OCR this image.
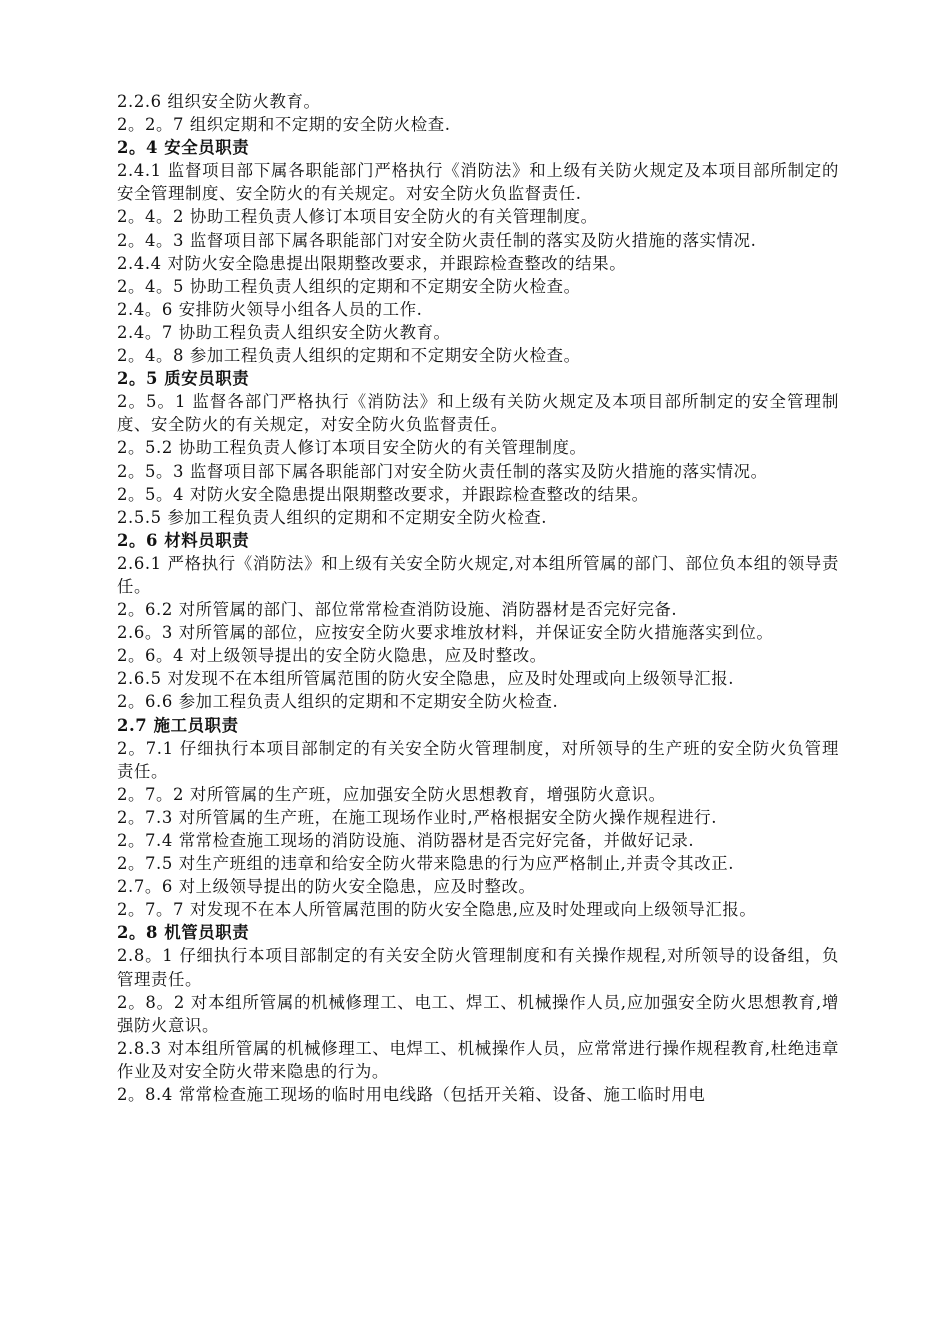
2.2.6 组织安全防火教育。

2。2。7 组织定期和不定期的安全防火检查.

2。4 安全员职责

2.4.1 监督项目部下属各职能部门严格执行《消防法》和上级有关防火规定及本项目部所制定的安全管理制度、安全防火的有关规定。对安全防火负监督责任.

2。4。2 协助工程负责人修订本项目安全防火的有关管理制度。

2。4。3 监督项目部下属各职能部门对安全防火责任制的落实及防火措施的落实情况.

2.4.4 对防火安全隐患提出限期整改要求，并跟踪检查整改的结果。

2。4。5 协助工程负责人组织的定期和不定期安全防火检查。

2.4。6 安排防火领导小组各人员的工作.

2.4。7 协助工程负责人组织安全防火教育。

2。4。8 参加工程负责人组织的定期和不定期安全防火检查。

2。5 质安员职责

2。5。1 监督各部门严格执行《消防法》和上级有关防火规定及本项目部所制定的安全管理制度、安全防火的有关规定，对安全防火负监督责任。

2。5.2 协助工程负责人修订本项目安全防火的有关管理制度。

2。5。3 监督项目部下属各职能部门对安全防火责任制的落实及防火措施的落实情况。

2。5。4 对防火安全隐患提出限期整改要求，并跟踪检查整改的结果。

2.5.5 参加工程负责人组织的定期和不定期安全防火检查.

2。6 材料员职责

2.6.1 严格执行《消防法》和上级有关安全防火规定,对本组所管属的部门、部位负本组的领导责任。

2。6.2 对所管属的部门、部位常常检查消防设施、消防器材是否完好完备.

2.6。3 对所管属的部位，应按安全防火要求堆放材料，并保证安全防火措施落实到位。

2。6。4 对上级领导提出的安全防火隐患，应及时整改。

2.6.5 对发现不在本组所管属范围的防火安全隐患，应及时处理或向上级领导汇报.

2。6.6 参加工程负责人组织的定期和不定期安全防火检查.

2.7 施工员职责

2。7.1 仔细执行本项目部制定的有关安全防火管理制度，对所领导的生产班的安全防火负管理责任。

2。7。2 对所管属的生产班，应加强安全防火思想教育，增强防火意识。

2。7.3 对所管属的生产班，在施工现场作业时,严格根据安全防火操作规程进行.

2。7.4 常常检查施工现场的消防设施、消防器材是否完好完备，并做好记录.

2。7.5 对生产班组的违章和给安全防火带来隐患的行为应严格制止,并责令其改正.

2.7。6 对上级领导提出的防火安全隐患，应及时整改。

2。7。7 对发现不在本人所管属范围的防火安全隐患,应及时处理或向上级领导汇报。

2。8 机管员职责

2.8。1 仔细执行本项目部制定的有关安全防火管理制度和有关操作规程,对所领导的设备组，负管理责任。

2。8。2 对本组所管属的机械修理工、电工、焊工、机械操作人员,应加强安全防火思想教育,增强防火意识。

2.8.3 对本组所管属的机械修理工、电焊工、机械操作人员，应常常进行操作规程教育,杜绝违章作业及对安全防火带来隐患的行为。

2。8.4 常常检查施工现场的临时用电线路（包括开关箱、设备、施工临时用电
